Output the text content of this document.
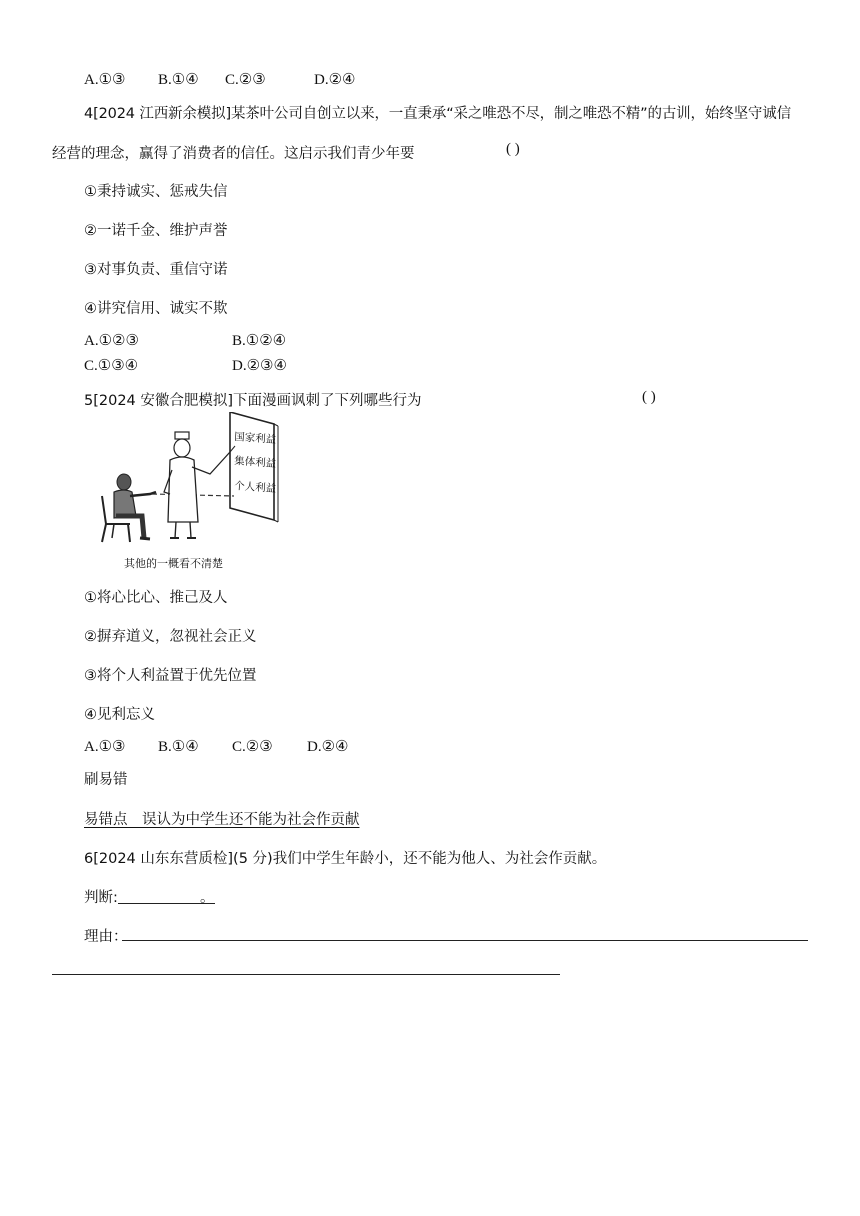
A.①③ B.①④ C.②③	D.②④
4[2024 江西新余模拟]某茶叶公司自创立以来，一直秉承“采之唯恐不尽，制之唯恐不精”的古训，始终坚守诚信
经营的理念，赢得了消费者的信任。这启示我们青少年要	( )
①秉持诚实、惩戒失信
②一诺千金、维护声誉
③对事负责、重信守诺
④讲究信用、诚实不欺
A.①②③	B.①②④
C.①③④	D.②③④
5[2024 安徽合肥模拟]下面漫画讽刺了下列哪些行为	( )
国家利益
集体利益
个人利益
其他的一概看不清楚
①将心比心、推己及人
②摒弃道义，忽视社会正义
③将个人利益置于优先位置
④见利忘义
A.①③ B.①④ C.②③ D.②④
刷易错
易错点　误认为中学生还不能为社会作贡献
6[2024 山东东营质检](5 分)我们中学生年龄小，还不能为他人、为社会作贡献。
判断:	。
理由：
